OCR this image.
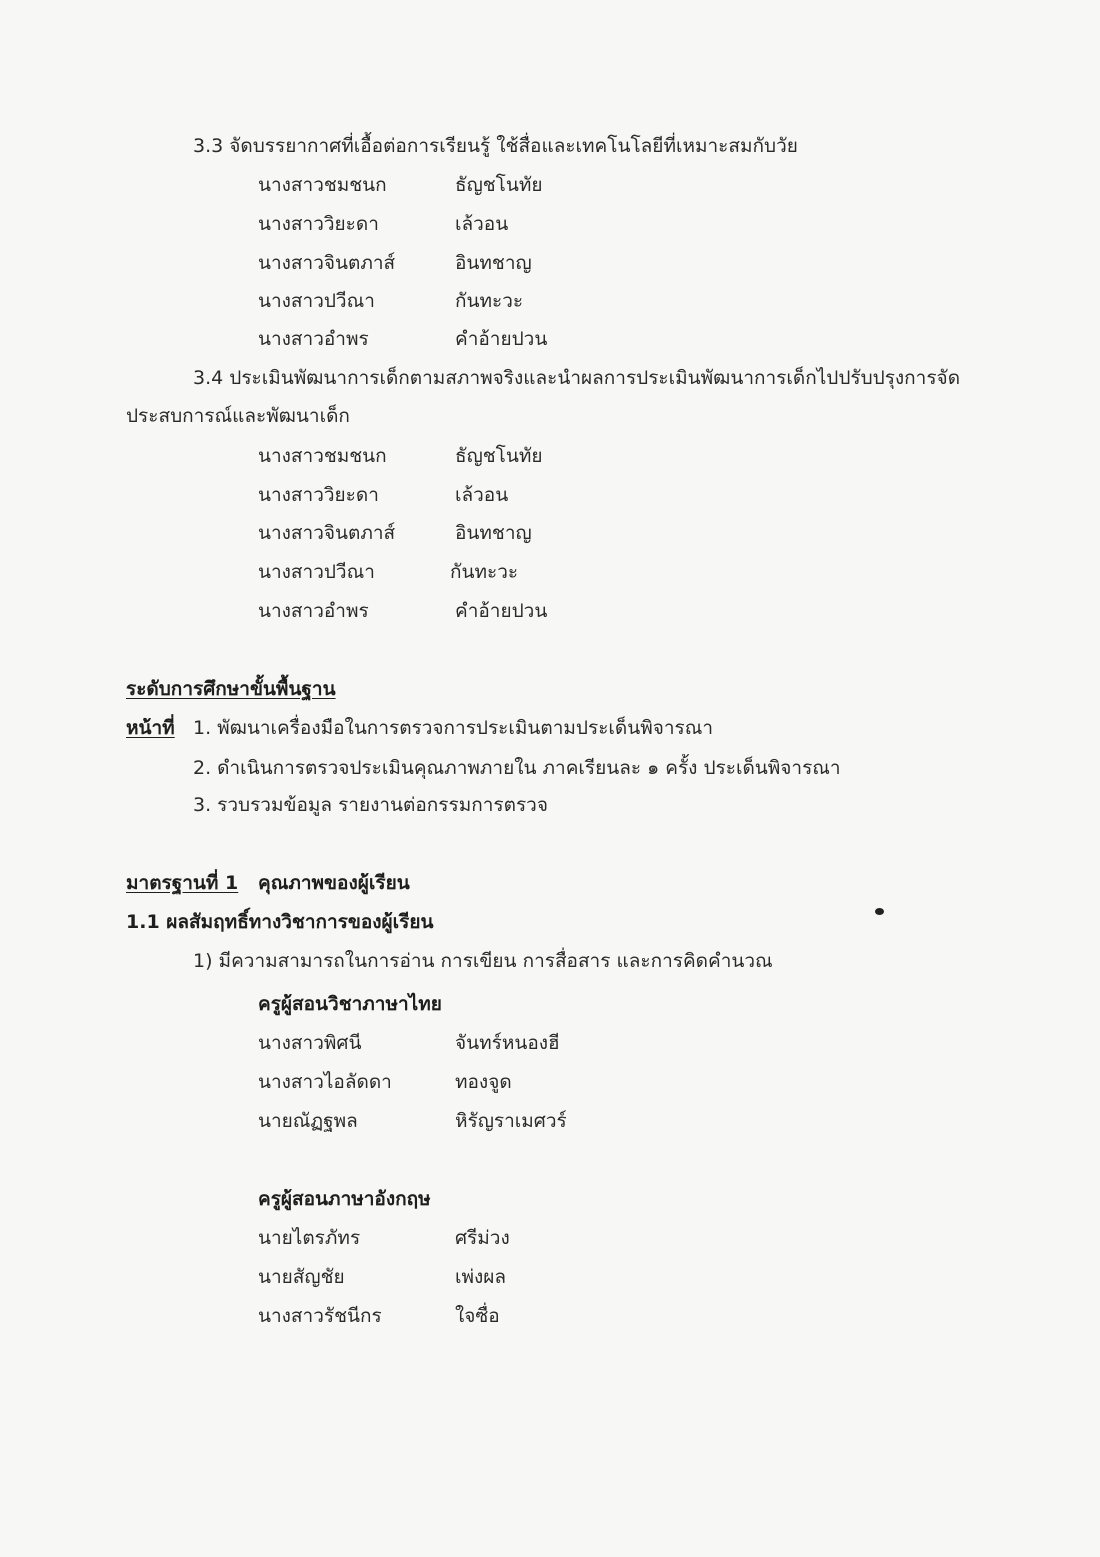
3.3 จัดบรรยากาศที่เอื้อต่อการเรียนรู้ ใช้สื่อและเทคโนโลยีที่เหมาะสมกับวัย
นางสาวชมชนก	ธัญชโนทัย
นางสาววิยะดา	เล้วอน
นางสาวจินตภาส์	อินทชาญ
นางสาวปวีณา	กันทะวะ
นางสาวอำพร	คำอ้ายปวน
3.4 ประเมินพัฒนาการเด็กตามสภาพจริงและนำผลการประเมินพัฒนาการเด็กไปปรับปรุงการจัด
ประสบการณ์และพัฒนาเด็ก
นางสาวชมชนก	ธัญชโนทัย
นางสาววิยะดา	เล้วอน
นางสาวจินตภาส์	อินทชาญ
นางสาวปวีณา	กันทะวะ
นางสาวอำพร	คำอ้ายปวน
ระดับการศึกษาขั้นพื้นฐาน
หน้าที่ 1. พัฒนาเครื่องมือในการตรวจการประเมินตามประเด็นพิจารณา
2. ดำเนินการตรวจประเมินคุณภาพภายใน ภาคเรียนละ ๑ ครั้ง ประเด็นพิจารณา
3. รวบรวมข้อมูล รายงานต่อกรรมการตรวจ
มาตรฐานที่ 1 คุณภาพของผู้เรียน
1.1 ผลสัมฤทธิ์ทางวิชาการของผู้เรียน
1) มีความสามารถในการอ่าน การเขียน การสื่อสาร และการคิดคำนวณ
ครูผู้สอนวิชาภาษาไทย
นางสาวพิศนี	จันทร์หนองฮี
นางสาวไอลัดดา	ทองจูด
นายณัฏฐพล	หิรัญราเมศวร์
ครูผู้สอนภาษาอังกฤษ
นายไตรภัทร	ศรีม่วง
นายสัญชัย	เพ่งผล
นางสาวรัชนีกร	ใจซื่อ
